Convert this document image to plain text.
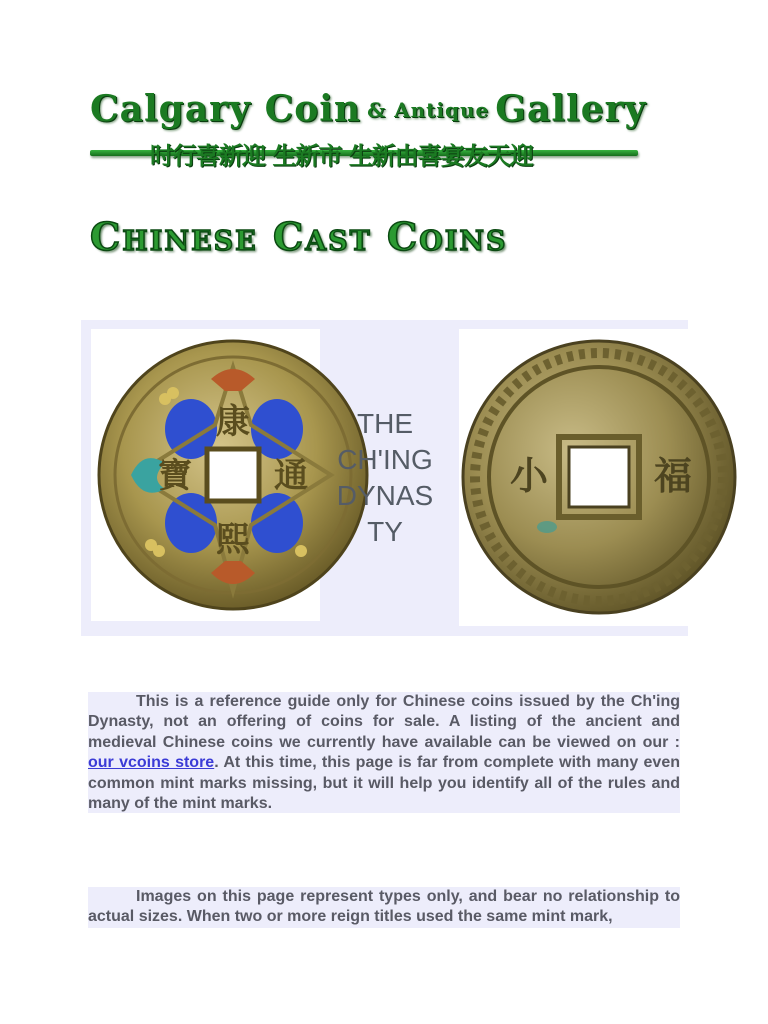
Calgary Coin & Antique Gallery
时行喜新迎 生新市 生新由喜宴友天迎
Chinese Cast Coins
康
熙
寶 通
THE
CH'ING
DYNAS
TY
小	福

This is a reference guide only for Chinese coins issued by the Ch'ing Dynasty, not an offering of coins for sale. A listing of the ancient and medieval Chinese coins we currently have available can be viewed on our : our vcoins store. At this time, this page is far from complete with many even common mint marks missing, but it will help you identify all of the rules and many of the mint marks.

Images on this page represent types only, and bear no relationship to actual sizes. When two or more reign titles used the same mint mark,
